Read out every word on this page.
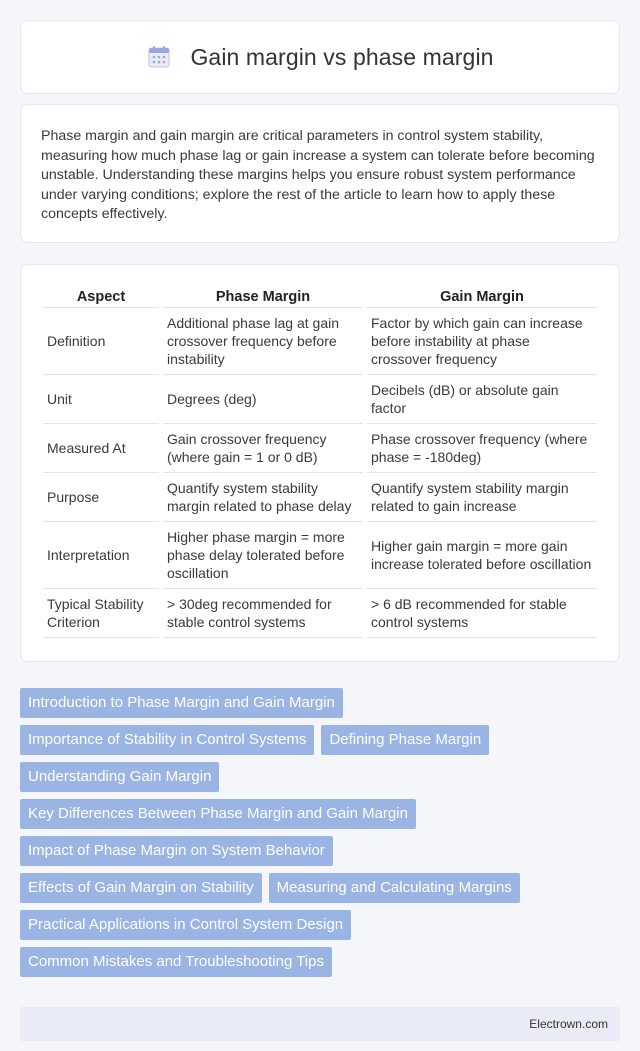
Gain margin vs phase margin

Phase margin and gain margin are critical parameters in control system stability, measuring how much phase lag or gain increase a system can tolerate before becoming unstable. Understanding these margins helps you ensure robust system performance under varying conditions; explore the rest of the article to learn how to apply these concepts effectively.

Aspect	Phase Margin	Gain Margin
Definition	Additional phase lag at gain crossover frequency before instability	Factor by which gain can increase before instability at phase crossover frequency
Unit	Degrees (deg)	Decibels (dB) or absolute gain factor
Measured At	Gain crossover frequency (where gain = 1 or 0 dB)	Phase crossover frequency (where phase = -180deg)
Purpose	Quantify system stability margin related to phase delay	Quantify system stability margin related to gain increase
Interpretation	Higher phase margin = more phase delay tolerated before oscillation	Higher gain margin = more gain increase tolerated before oscillation
Typical Stability Criterion	> 30deg recommended for stable control systems	> 6 dB recommended for stable control systems
Introduction to Phase Margin and Gain Margin
Importance of Stability in Control Systems	Defining Phase Margin
Understanding Gain Margin
Key Differences Between Phase Margin and Gain Margin
Impact of Phase Margin on System Behavior
Effects of Gain Margin on Stability	Measuring and Calculating Margins
Practical Applications in Control System Design
Common Mistakes and Troubleshooting Tips
Electrown.com
